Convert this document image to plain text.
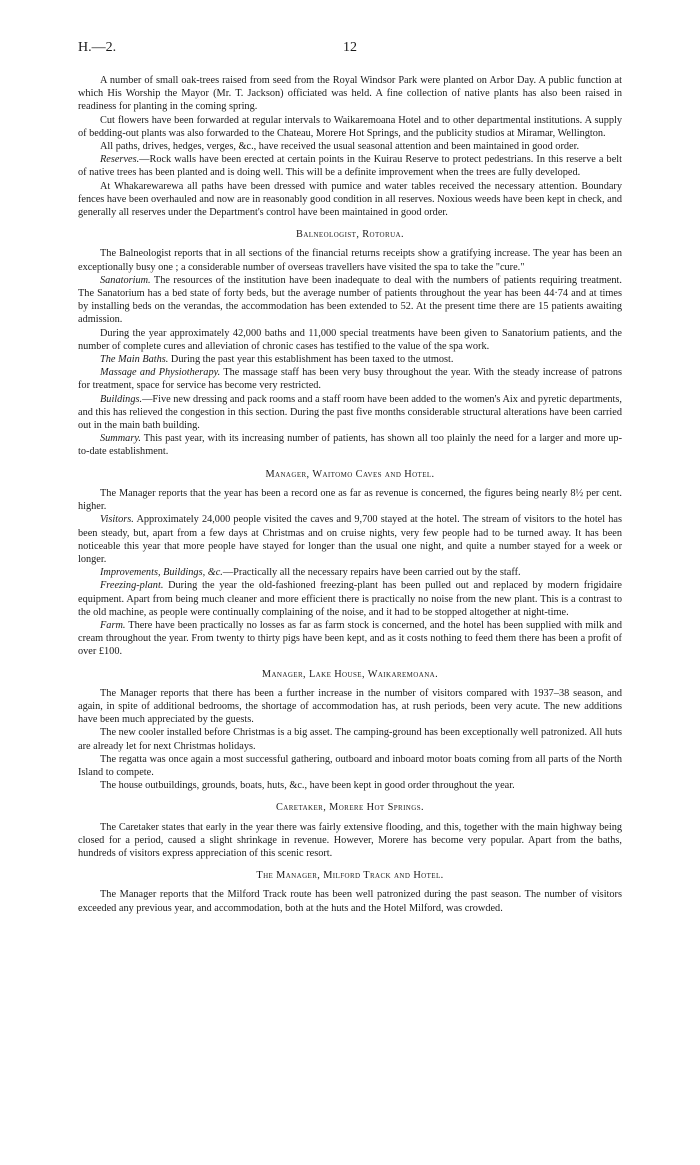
H.—2.	12

A number of small oak-trees raised from seed from the Royal Windsor Park were planted on Arbor Day. A public function at which His Worship the Mayor (Mr. T. Jackson) officiated was held. A fine collection of native plants has also been raised in readiness for planting in the coming spring.

Cut flowers have been forwarded at regular intervals to Waikaremoana Hotel and to other departmental institutions. A supply of bedding-out plants was also forwarded to the Chateau, Morere Hot Springs, and the publicity studios at Miramar, Wellington.

All paths, drives, hedges, verges, &c., have received the usual seasonal attention and been maintained in good order.

Reserves.—Rock walls have been erected at certain points in the Kuirau Reserve to protect pedestrians. In this reserve a belt of native trees has been planted and is doing well. This will be a definite improvement when the trees are fully developed.

At Whakarewarewa all paths have been dressed with pumice and water tables received the necessary attention. Boundary fences have been overhauled and now are in reasonably good condition in all reserves. Noxious weeds have been kept in check, and generally all reserves under the Department's control have been maintained in good order.

Balneologist, Rotorua.

The Balneologist reports that in all sections of the financial returns receipts show a gratifying increase. The year has been an exceptionally busy one ; a considerable number of overseas travellers have visited the spa to take the "cure."

Sanatorium. The resources of the institution have been inadequate to deal with the numbers of patients requiring treatment. The Sanatorium has a bed state of forty beds, but the average number of patients throughout the year has been 44·74 and at times by installing beds on the verandas, the accommodation has been extended to 52. At the present time there are 15 patients awaiting admission.

During the year approximately 42,000 baths and 11,000 special treatments have been given to Sanatorium patients, and the number of complete cures and alleviation of chronic cases has testified to the value of the spa work.

The Main Baths. During the past year this establishment has been taxed to the utmost.

Massage and Physiotherapy. The massage staff has been very busy throughout the year. With the steady increase of patrons for treatment, space for service has become very restricted.

Buildings.—Five new dressing and pack rooms and a staff room have been added to the women's Aix and pyretic departments, and this has relieved the congestion in this section. During the past five months considerable structural alterations have been carried out in the main bath building.

Summary. This past year, with its increasing number of patients, has shown all too plainly the need for a larger and more up-to-date establishment.

Manager, Waitomo Caves and Hotel.

The Manager reports that the year has been a record one as far as revenue is concerned, the figures being nearly 8½ per cent. higher.

Visitors. Approximately 24,000 people visited the caves and 9,700 stayed at the hotel. The stream of visitors to the hotel has been steady, but, apart from a few days at Christmas and on cruise nights, very few people had to be turned away. It has been noticeable this year that more people have stayed for longer than the usual one night, and quite a number stayed for a week or longer.

Improvements, Buildings, &c.—Practically all the necessary repairs have been carried out by the staff.

Freezing-plant. During the year the old-fashioned freezing-plant has been pulled out and replaced by modern frigidaire equipment. Apart from being much cleaner and more efficient there is practically no noise from the new plant. This is a contrast to the old machine, as people were continually complaining of the noise, and it had to be stopped altogether at night-time.

Farm. There have been practically no losses as far as farm stock is concerned, and the hotel has been supplied with milk and cream throughout the year. From twenty to thirty pigs have been kept, and as it costs nothing to feed them there has been a profit of over £100.

Manager, Lake House, Waikaremoana.

The Manager reports that there has been a further increase in the number of visitors compared with 1937–38 season, and again, in spite of additional bedrooms, the shortage of accommodation has, at rush periods, been very acute. The new additions have been much appreciated by the guests.

The new cooler installed before Christmas is a big asset. The camping-ground has been exceptionally well patronized. All huts are already let for next Christmas holidays.

The regatta was once again a most successful gathering, outboard and inboard motor boats coming from all parts of the North Island to compete.

The house outbuildings, grounds, boats, huts, &c., have been kept in good order throughout the year.

Caretaker, Morere Hot Springs.

The Caretaker states that early in the year there was fairly extensive flooding, and this, together with the main highway being closed for a period, caused a slight shrinkage in revenue. However, Morere has become very popular. Apart from the baths, hundreds of visitors express appreciation of this scenic resort.

The Manager, Milford Track and Hotel.

The Manager reports that the Milford Track route has been well patronized during the past season. The number of visitors exceeded any previous year, and accommodation, both at the huts and the Hotel Milford, was crowded.
